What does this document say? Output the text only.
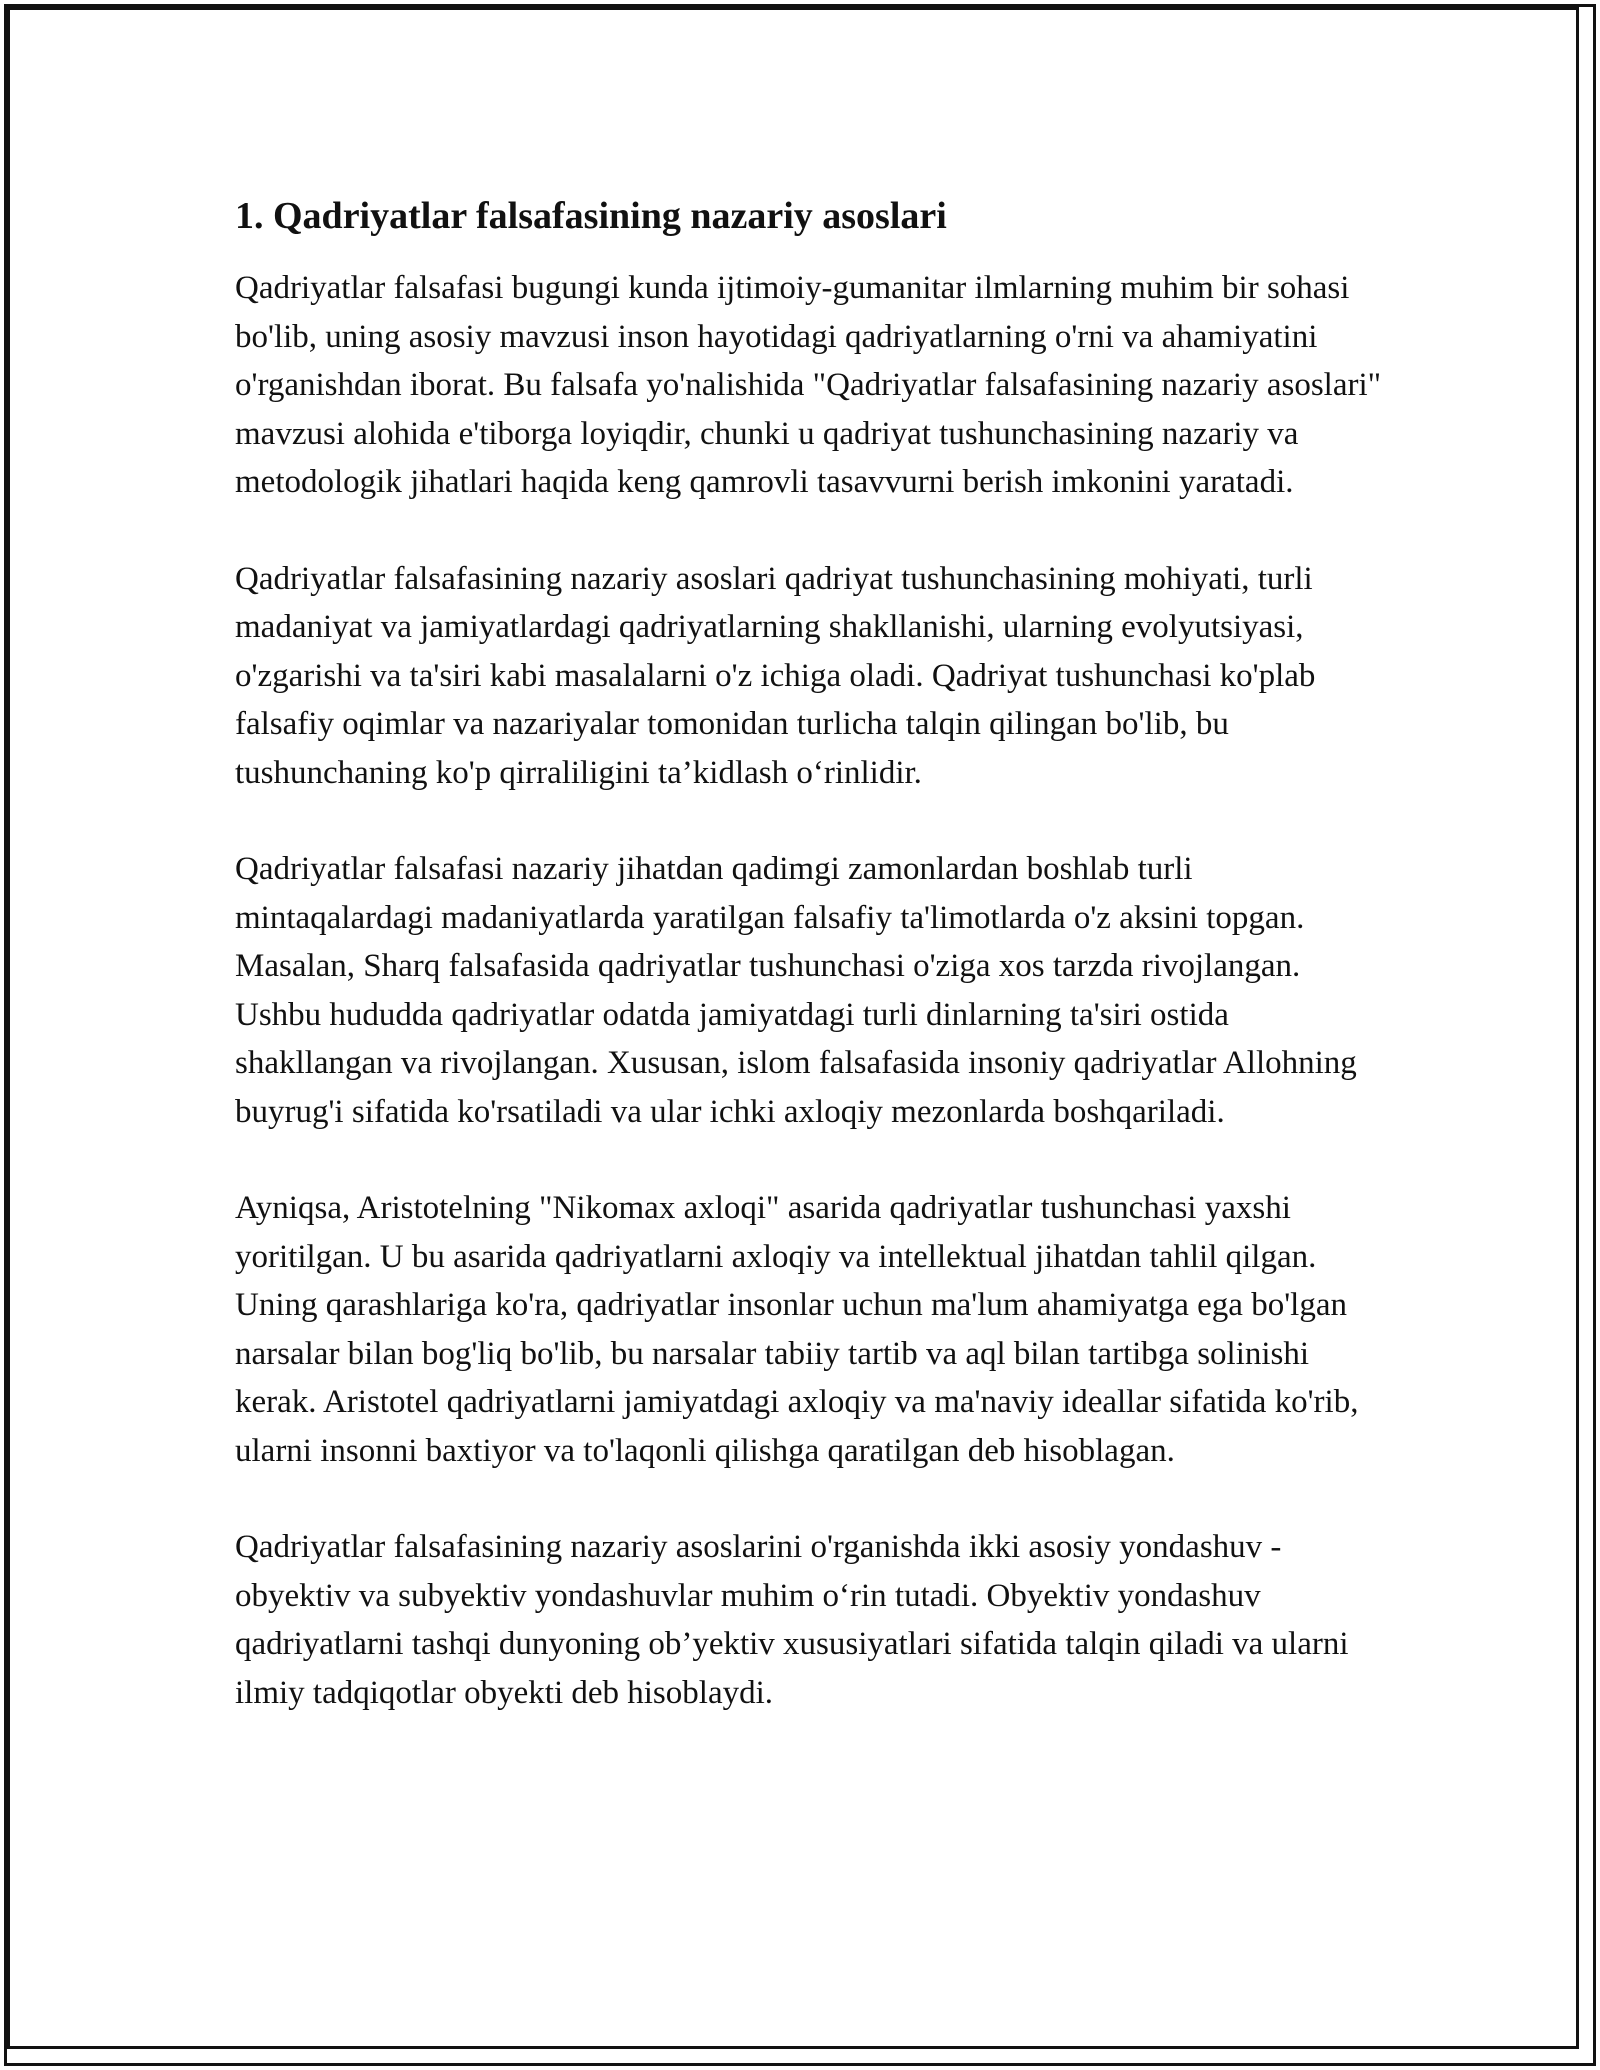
1. Qadriyatlar falsafasining nazariy asoslari

Qadriyatlar falsafasi bugungi kunda ijtimoiy-gumanitar ilmlarning muhim bir sohasi bo'lib, uning asosiy mavzusi inson hayotidagi qadriyatlarning o'rni va ahamiyatini o'rganishdan iborat. Bu falsafa yo'nalishida "Qadriyatlar falsafasining nazariy asoslari" mavzusi alohida e'tiborga loyiqdir, chunki u qadriyat tushunchasining nazariy va metodologik jihatlari haqida keng qamrovli tasavvurni berish imkonini yaratadi.

Qadriyatlar falsafasining nazariy asoslari qadriyat tushunchasining mohiyati, turli madaniyat va jamiyatlardagi qadriyatlarning shakllanishi, ularning evolyutsiyasi, o'zgarishi va ta'siri kabi masalalarni o'z ichiga oladi. Qadriyat tushunchasi ko'plab falsafiy oqimlar va nazariyalar tomonidan turlicha talqin qilingan bo'lib, bu tushunchaning ko'p qirraliligini ta’kidlash o‘rinlidir.

Qadriyatlar falsafasi nazariy jihatdan qadimgi zamonlardan boshlab turli mintaqalardagi madaniyatlarda yaratilgan falsafiy ta'limotlarda o'z aksini topgan. Masalan, Sharq falsafasida qadriyatlar tushunchasi o'ziga xos tarzda rivojlangan. Ushbu hududda qadriyatlar odatda jamiyatdagi turli dinlarning ta'siri ostida shakllangan va rivojlangan. Xususan, islom falsafasida insoniy qadriyatlar Allohning buyrug'i sifatida ko'rsatiladi va ular ichki axloqiy mezonlarda boshqariladi.

Ayniqsa, Aristotelning "Nikomax axloqi" asarida qadriyatlar tushunchasi yaxshi yoritilgan. U bu asarida qadriyatlarni axloqiy va intellektual jihatdan tahlil qilgan. Uning qarashlariga ko'ra, qadriyatlar insonlar uchun ma'lum ahamiyatga ega bo'lgan narsalar bilan bog'liq bo'lib, bu narsalar tabiiy tartib va aql bilan tartibga solinishi kerak. Aristotel qadriyatlarni jamiyatdagi axloqiy va ma'naviy ideallar sifatida ko'rib, ularni insonni baxtiyor va to'laqonli qilishga qaratilgan deb hisoblagan.

Qadriyatlar falsafasining nazariy asoslarini o'rganishda ikki asosiy yondashuv - obyektiv va subyektiv yondashuvlar muhim o‘rin tutadi. Obyektiv yondashuv qadriyatlarni tashqi dunyoning ob’yektiv xususiyatlari sifatida talqin qiladi va ularni ilmiy tadqiqotlar obyekti deb hisoblaydi.
